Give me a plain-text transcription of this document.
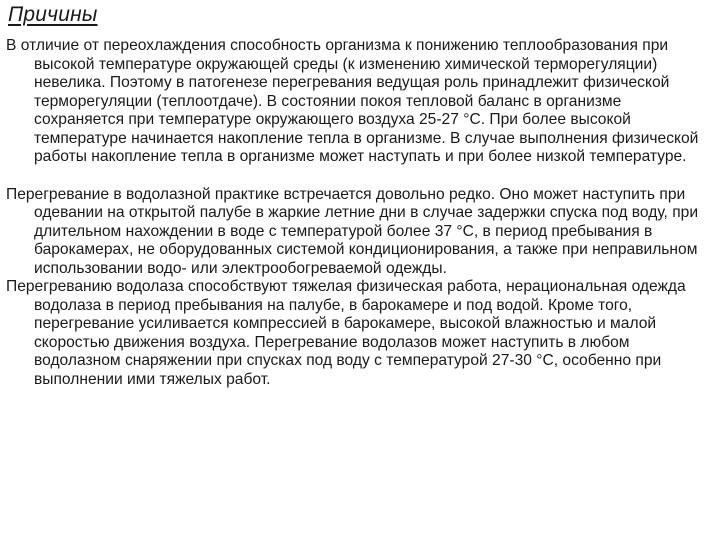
Причины

В отличие от переохлаждения способность организма к понижению теплообразования при высокой температуре окружающей среды (к изменению химической терморегуляции) невелика. Поэтому в патогенезе перегревания ведущая роль принадлежит физической терморегуляции (теплоотдаче). В состоянии покоя тепловой баланс в организме сохраняется при температуре окружающего воздуха 25-27 °С. При более высокой температуре начинается накопление тепла в организме. В случае выполнения физической работы накопление тепла в организме может наступать и при более низкой температуре.

Перегревание в водолазной практике встречается довольно редко. Оно может наступить при одевании на открытой палубе в жаркие летние дни в случае задержки спуска под воду, при длительном нахождении в воде с температурой более 37 °С, в период пребывания в барокамерах, не оборудованных системой кондиционирования, а также при неправильном использовании водо- или электрообогреваемой одежды.

Перегреванию водолаза способствуют тяжелая физическая работа, нерациональная одежда водолаза в период пребывания на палубе, в барокамере и под водой. Кроме того, перегревание усиливается компрессией в барокамере, высокой влажностью и малой скоростью движения воздуха. Перегревание водолазов может наступить в любом водолазном снаряжении при спусках под воду с температурой 27-30 °С, особенно при выполнении ими тяжелых работ.
